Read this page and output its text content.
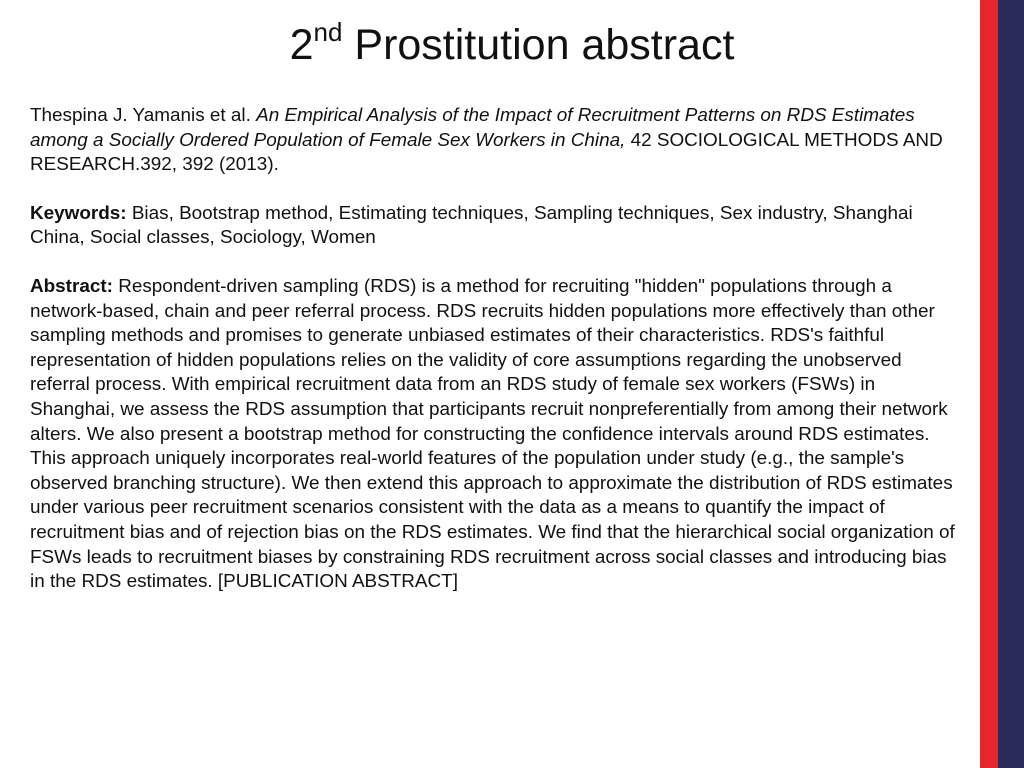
2nd Prostitution abstract

Thespina J. Yamanis et al. An Empirical Analysis of the Impact of Recruitment Patterns on RDS Estimates among a Socially Ordered Population of Female Sex Workers in China, 42 SOCIOLOGICAL METHODS AND RESEARCH.392, 392 (2013).

Keywords: Bias, Bootstrap method, Estimating techniques, Sampling techniques, Sex industry, Shanghai China, Social classes, Sociology, Women

Abstract: Respondent-driven sampling (RDS) is a method for recruiting "hidden" populations through a network-based, chain and peer referral process. RDS recruits hidden populations more effectively than other sampling methods and promises to generate unbiased estimates of their characteristics. RDS's faithful representation of hidden populations relies on the validity of core assumptions regarding the unobserved referral process. With empirical recruitment data from an RDS study of female sex workers (FSWs) in Shanghai, we assess the RDS assumption that participants recruit nonpreferentially from among their network alters. We also present a bootstrap method for constructing the confidence intervals around RDS estimates. This approach uniquely incorporates real-world features of the population under study (e.g., the sample's observed branching structure). We then extend this approach to approximate the distribution of RDS estimates under various peer recruitment scenarios consistent with the data as a means to quantify the impact of recruitment bias and of rejection bias on the RDS estimates. We find that the hierarchical social organization of FSWs leads to recruitment biases by constraining RDS recruitment across social classes and introducing bias in the RDS estimates. [PUBLICATION ABSTRACT]
